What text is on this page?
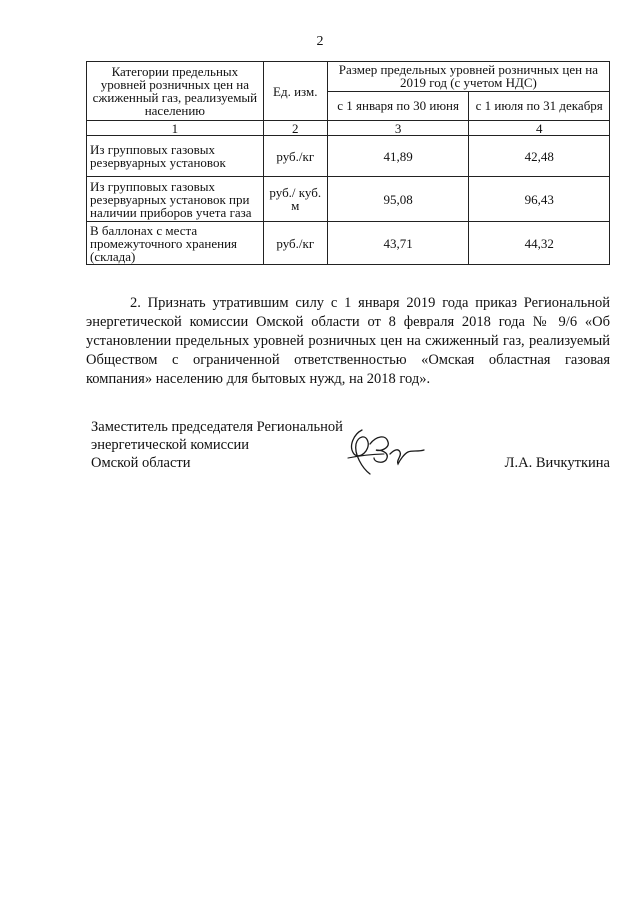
2
Категории предельных уровней розничных цен на сжиженный газ, реализуемый населению	Ед. изм.	Размер предельных уровней розничных цен на 2019 год (с учетом НДС)	
		с 1 января по 30 июня	с 1 июля по 31 декабря
1	2	3	4
Из групповых газовых резервуарных установок	руб./кг	41,89	42,48
Из групповых газовых резервуарных установок при наличии приборов учета газа	руб./ куб. м	95,08	96,43
В баллонах с места промежуточного хранения (склада)	руб./кг	43,71	44,32
2. Признать утратившим силу с 1 января 2019 года приказ Региональной энергетической комиссии Омской области от 8 февраля 2018 года № 9/6 «Об установлении предельных уровней розничных цен на сжиженный газ, реализуемый Обществом с ограниченной ответственностью «Омская областная газовая компания» населению для бытовых нужд, на 2018 год».
Заместитель председателя Региональной
энергетической комиссии
Омской области	Л.А. Вичкуткина
